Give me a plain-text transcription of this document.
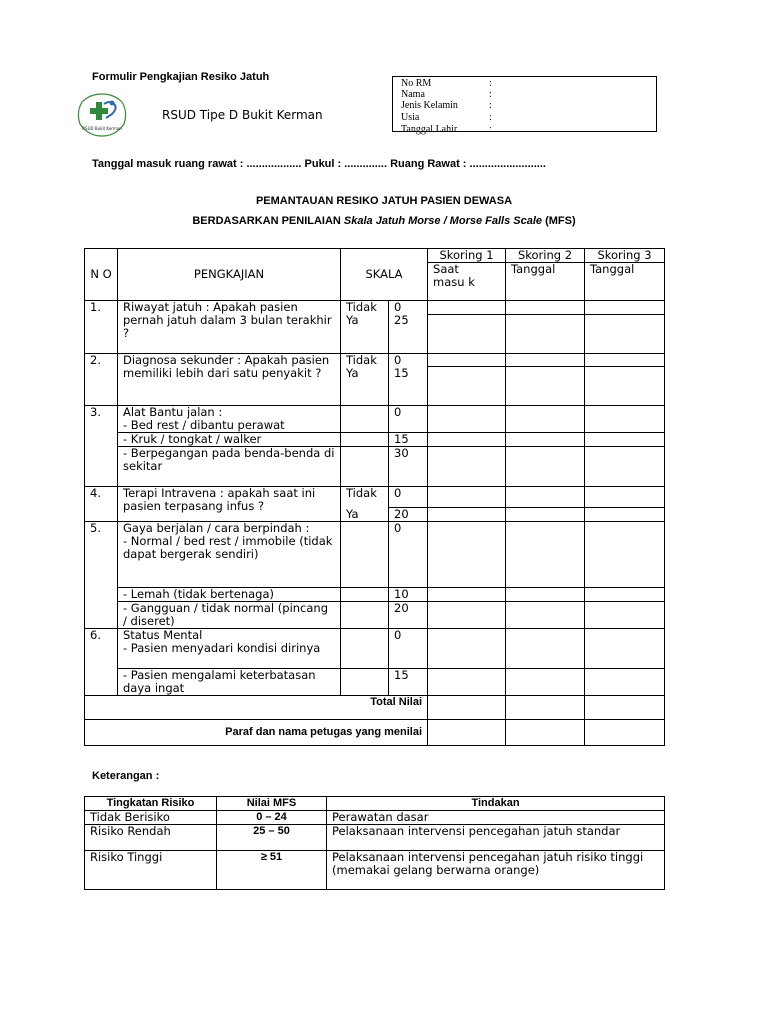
Formulir Pengkajian Resiko Jatuh
RSUD Bukit Kerman
RSUD Tipe D Bukit Kerman
No RM	:
Nama	:
Jenis Kelamin	:
Usia	:
Tanggal Lahir	:
Tanggal masuk ruang rawat : .................. Pukul : .............. Ruang Rawat : .........................
PEMANTAUAN RESIKO JATUH PASIEN DEWASA
BERDASARKAN PENILAIAN Skala Jatuh Morse / Morse Falls Scale (MFS)
N O	PENGKAJIAN	SKALA		Skoring 1	Skoring 2	Skoring 3
				Saat masu k	Tanggal	Tanggal
1.	Riwayat jatuh : Apakah pasien pernah jatuh dalam 3 bulan terakhir ?	Tidak	0			
		Ya	25			
2.	Diagnosa sekunder : Apakah pasien memiliki lebih dari satu penyakit ?	Tidak	0			
		Ya	15			
3.	Alat Bantu jalan :
- Bed rest / dibantu perawat		0			
	- Kruk / tongkat / walker		15			
	- Berpegangan pada benda-benda di sekitar		30			
4.	Terapi Intravena : apakah saat ini pasien terpasang infus ?	Tidak	0			
		Ya	20			
5.	Gaya berjalan / cara berpindah :
- Normal / bed rest / immobile (tidak dapat bergerak sendiri)		0			
	- Lemah (tidak bertenaga)		10			
	- Gangguan / tidak normal (pincang / diseret)		20			
6.	Status Mental
- Pasien menyadari kondisi dirinya		0			
	- Pasien mengalami keterbatasan daya ingat		15			
Total Nilai						
Paraf dan nama petugas yang menilai						
Keterangan :
Tingkatan Risiko	Nilai MFS	Tindakan
Tidak Berisiko	0 – 24	Perawatan dasar
Risiko Rendah	25 – 50	Pelaksanaan intervensi pencegahan jatuh standar
Risiko Tinggi	≥ 51	Pelaksanaan intervensi pencegahan jatuh risiko tinggi
(memakai gelang berwarna orange)
